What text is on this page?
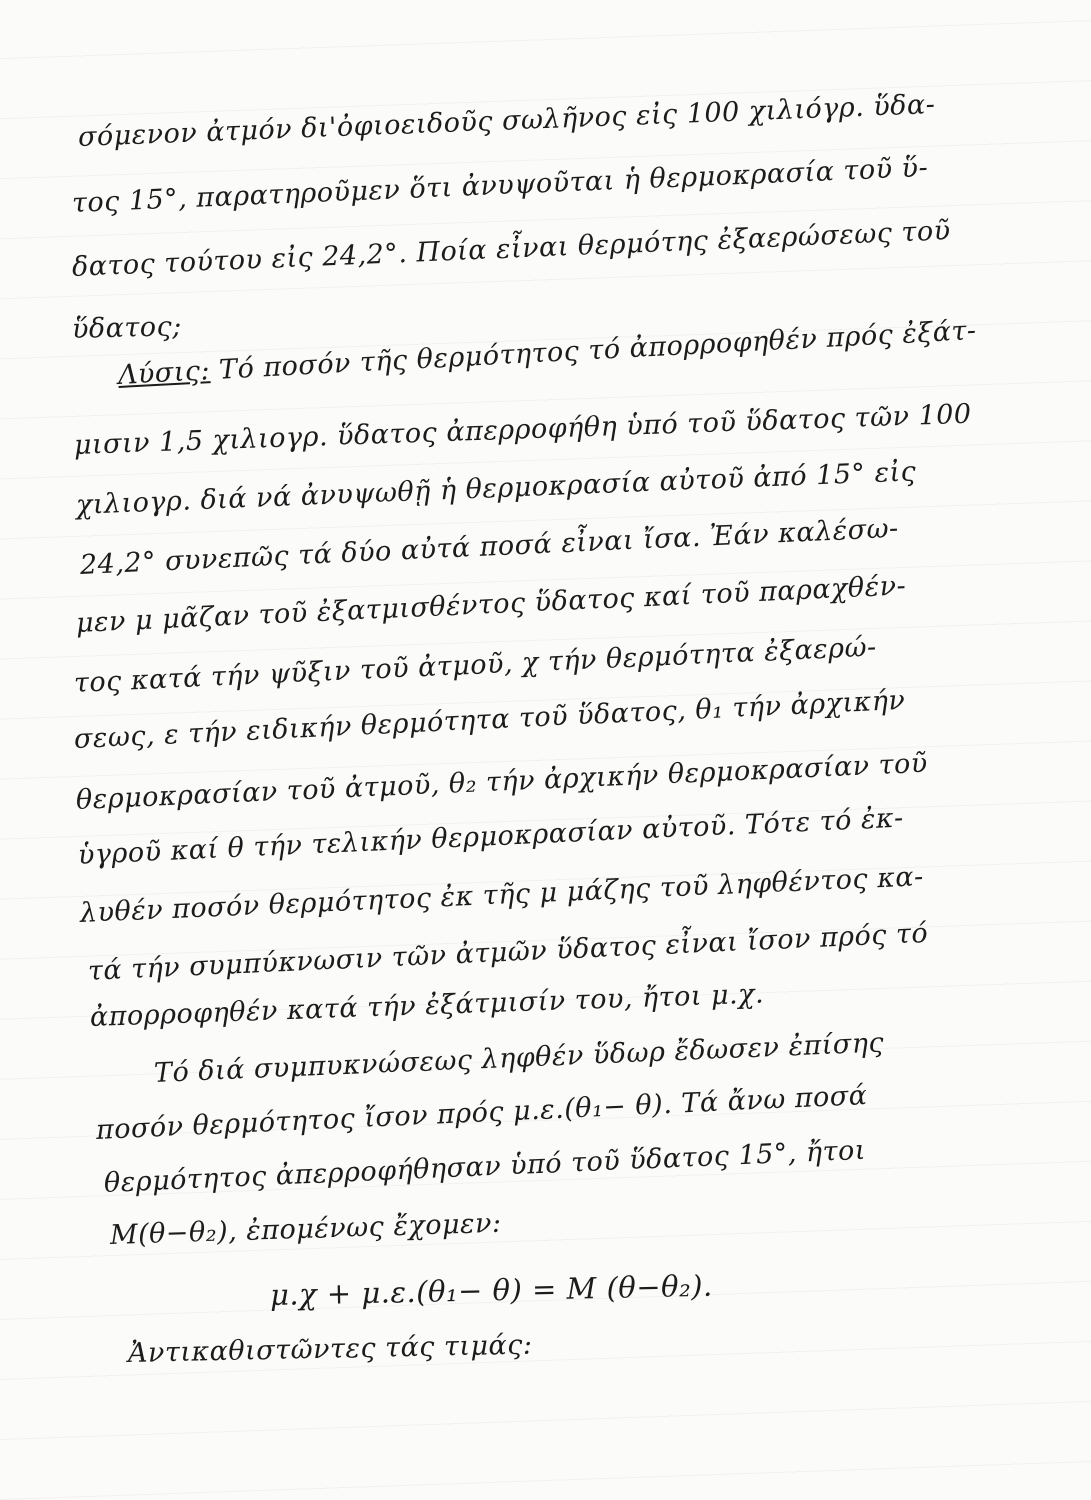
σόμενον ἀτμόν δι'ὀφιοειδοῦς σωλῆνος εἰς 100 χιλιόγρ. ὕδα-
τος 15°, παρατηροῦμεν ὅτι ἀνυψοῦται ἡ θερμοκρασία τοῦ ὕ-
δατος τούτου εἰς 24,2°. Ποία εἶναι θερμότης ἐξαερώσεως τοῦ
ὕδατος;
Λύσις: Τό ποσόν τῆς θερμότητος τό ἀπορροφηθέν πρός ἐξάτ-
μισιν 1,5 χιλιογρ. ὕδατος ἀπερροφήθη ὑπό τοῦ ὕδατος τῶν 100
χιλιογρ. διά νά ἀνυψωθῇ ἡ θερμοκρασία αὐτοῦ ἀπό 15° εἰς
24,2° συνεπῶς τά δύο αὐτά ποσά εἶναι ἴσα. Ἐάν καλέσω-
μεν μ μᾶζαν τοῦ ἐξατμισθέντος ὕδατος καί τοῦ παραχθέν-
τος κατά τήν ψῦξιν τοῦ ἀτμοῦ, χ τήν θερμότητα ἐξαερώ-
σεως, ε τήν ειδικήν θερμότητα τοῦ ὕδατος, θ₁ τήν ἀρχικήν
θερμοκρασίαν τοῦ ἀτμοῦ, θ₂ τήν ἀρχικήν θερμοκρασίαν τοῦ
ὑγροῦ καί θ τήν τελικήν θερμοκρασίαν αὐτοῦ. Τότε τό ἐκ-
λυθέν ποσόν θερμότητος ἐκ τῆς μ μάζης τοῦ ληφθέντος κα-
τά τήν συμπύκνωσιν τῶν ἀτμῶν ὕδατος εἶναι ἴσον πρός τό
ἀπορροφηθέν κατά τήν ἐξάτμισίν του, ἤτοι μ.χ.
Τό διά συμπυκνώσεως ληφθέν ὕδωρ ἔδωσεν ἐπίσης
ποσόν θερμότητος ἴσον πρός μ.ε.(θ₁− θ). Τά ἄνω ποσά
θερμότητος ἀπερροφήθησαν ὑπό τοῦ ὕδατος 15°, ἤτοι
Μ(θ−θ₂), ἐπομένως ἔχομεν:
μ.χ + μ.ε.(θ₁− θ) = Μ (θ−θ₂).
Ἀντικαθιστῶντες τάς τιμάς:
